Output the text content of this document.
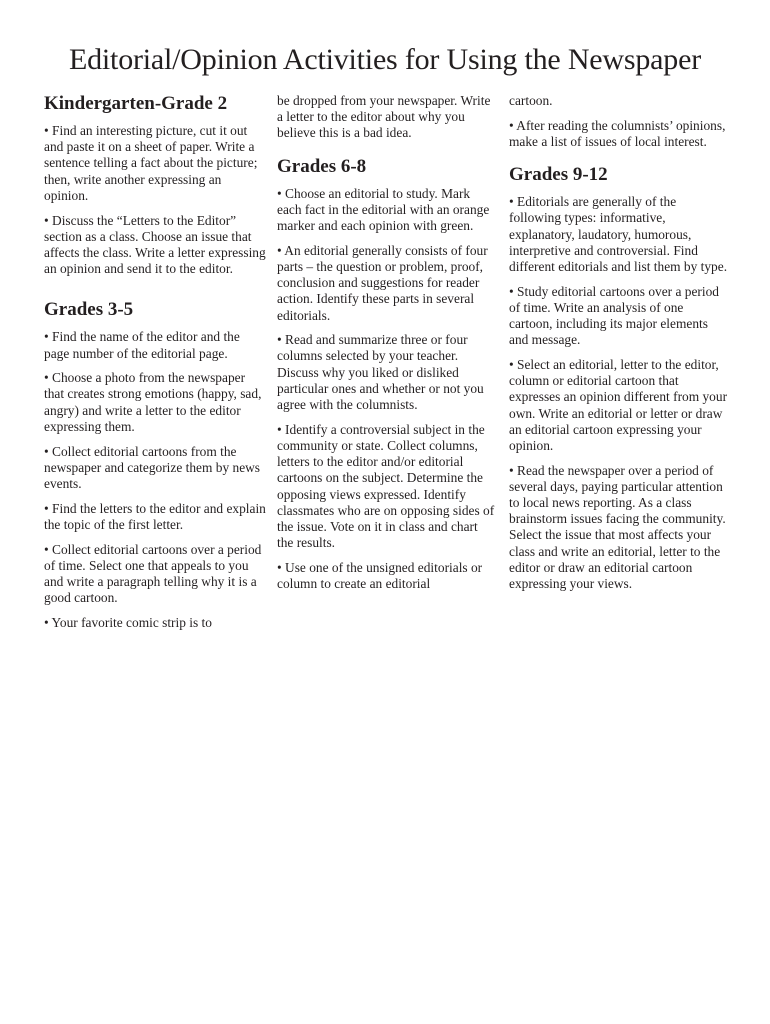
Editorial/Opinion Activities for Using the Newspaper
Kindergarten-Grade 2

• Find an interesting picture, cut it out and paste it on a sheet of paper. Write a sentence telling a fact about the picture; then, write another expressing an opinion.

• Discuss the “Letters to the Editor” section as a class. Choose an issue that affects the class. Write a letter expressing an opinion and send it to the editor.

Grades 3-5

• Find the name of the editor and the page number of the editorial page.

• Choose a photo from the newspaper that creates strong emotions (happy, sad, angry) and write a letter to the editor expressing them.

• Collect editorial cartoons from the newspaper and categorize them by news events.

• Find the letters to the editor and explain the topic of the first letter.

• Collect editorial cartoons over a period of time. Select one that appeals to you and write a paragraph telling why it is a good cartoon.

• Your favorite comic strip is to

be dropped from your newspaper. Write a letter to the editor about why you believe this is a bad idea.

Grades 6-8

• Choose an editorial to study. Mark each fact in the editorial with an orange marker and each opinion with green.

• An editorial generally consists of four parts – the question or problem, proof, conclusion and suggestions for reader action. Identify these parts in several editorials.

• Read and summarize three or four columns selected by your teacher. Discuss why you liked or disliked particular ones and whether or not you agree with the columnists.

• Identify a controversial subject in the community or state. Collect columns, letters to the editor and/or editorial cartoons on the subject. Determine the opposing views expressed. Identify classmates who are on opposing sides of the issue. Vote on it in class and chart the results.

• Use one of the unsigned editorials or column to create an editorial

cartoon.

• After reading the columnists’ opinions, make a list of issues of local interest.

Grades 9-12

• Editorials are generally of the following types: informative, explanatory, laudatory, humorous, interpretive and controversial. Find different editorials and list them by type.

• Study editorial cartoons over a period of time. Write an analysis of one cartoon, including its major elements and message.

• Select an editorial, letter to the editor, column or editorial cartoon that expresses an opinion different from your own. Write an editorial or letter or draw an editorial cartoon expressing your opinion.

• Read the newspaper over a period of several days, paying particular attention to local news reporting. As a class brainstorm issues facing the community. Select the issue that most affects your class and write an editorial, letter to the editor or draw an editorial cartoon expressing your views.
